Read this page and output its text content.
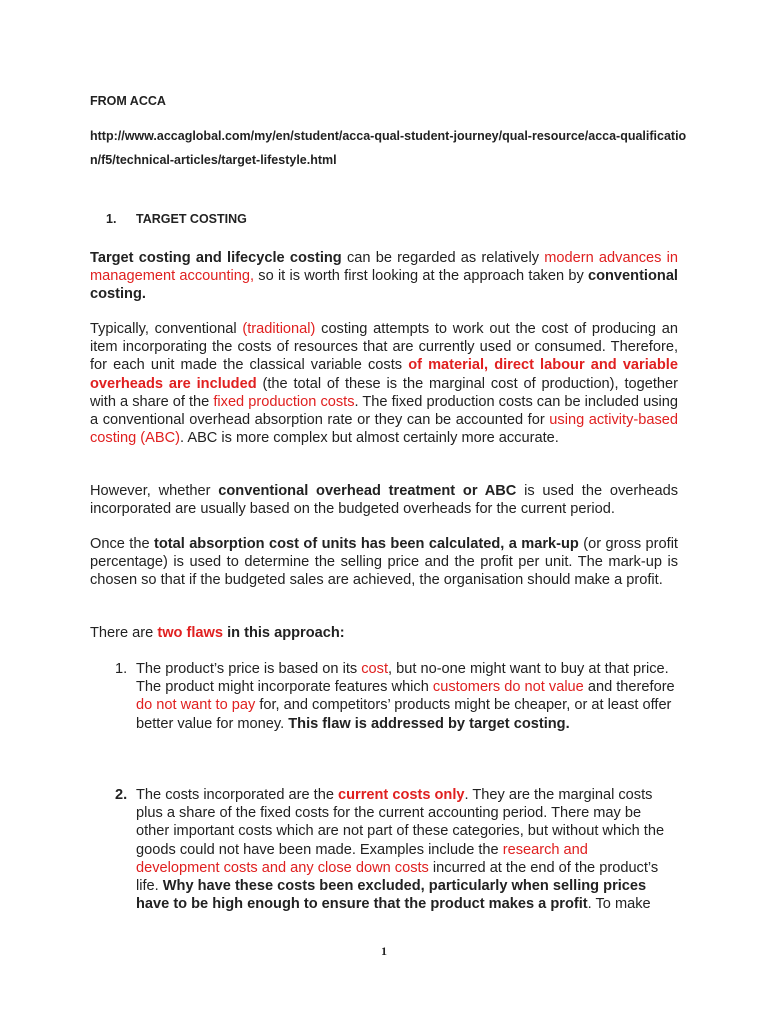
FROM ACCA
http://www.accaglobal.com/my/en/student/acca-qual-student-journey/qual-resource/acca-qualification/f5/technical-articles/target-lifestyle.html
1. TARGET COSTING
Target costing and lifecycle costing can be regarded as relatively modern advances in management accounting, so it is worth first looking at the approach taken by conventional costing.
Typically, conventional (traditional) costing attempts to work out the cost of producing an item incorporating the costs of resources that are currently used or consumed. Therefore, for each unit made the classical variable costs of material, direct labour and variable overheads are included (the total of these is the marginal cost of production), together with a share of the fixed production costs. The fixed production costs can be included using a conventional overhead absorption rate or they can be accounted for using activity-based costing (ABC). ABC is more complex but almost certainly more accurate.
However, whether conventional overhead treatment or ABC is used the overheads incorporated are usually based on the budgeted overheads for the current period.
Once the total absorption cost of units has been calculated, a mark-up (or gross profit percentage) is used to determine the selling price and the profit per unit. The mark-up is chosen so that if the budgeted sales are achieved, the organisation should make a profit.
There are two flaws in this approach:
1. The product’s price is based on its cost, but no-one might want to buy at that price. The product might incorporate features which customers do not value and therefore do not want to pay for, and competitors’ products might be cheaper, or at least offer better value for money. This flaw is addressed by target costing.
2. The costs incorporated are the current costs only. They are the marginal costs plus a share of the fixed costs for the current accounting period. There may be other important costs which are not part of these categories, but without which the goods could not have been made. Examples include the research and development costs and any close down costs incurred at the end of the product’s life. Why have these costs been excluded, particularly when selling prices have to be high enough to ensure that the product makes a profit. To make
1
